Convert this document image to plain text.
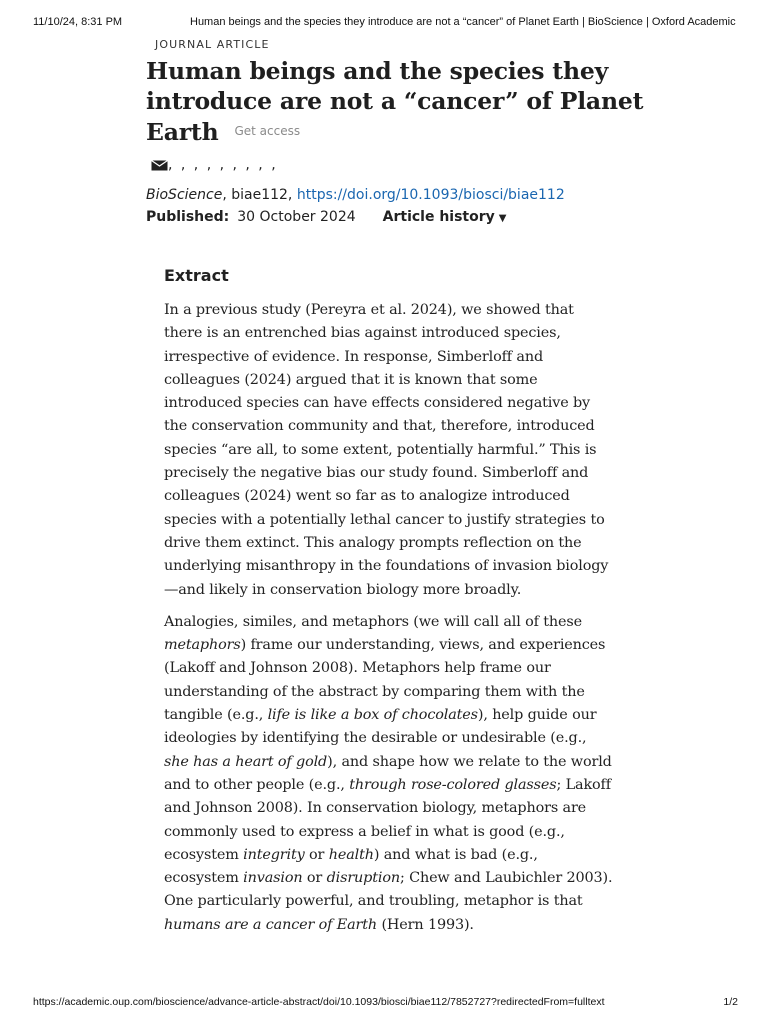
11/10/24, 8:31 PM	Human beings and the species they introduce are not a “cancer” of Planet Earth | BioScience | Oxford Academic
JOURNAL ARTICLE
Human beings and the species they introduce are not a “cancer” of Planet Earth $^{Get access}$
, , , , , , , , ,
BioScience, biae112, https://doi.org/10.1093/biosci/biae112
Published: 30 October 2024 Article history ▼
Extract

In a previous study (Pereyra et al. 2024), we showed that there is an entrenched bias against introduced species, irrespective of evidence. In response, Simberloff and colleagues (2024) argued that it is known that some introduced species can have effects considered negative by the conservation community and that, therefore, introduced species “are all, to some extent, potentially harmful.” This is precisely the negative bias our study found. Simberloff and colleagues (2024) went so far as to analogize introduced species with a potentially lethal cancer to justify strategies to drive them extinct. This analogy prompts reflection on the underlying misanthropy in the foundations of invasion biology—and likely in conservation biology more broadly.

Analogies, similes, and metaphors (we will call all of these metaphors) frame our understanding, views, and experiences (Lakoff and Johnson 2008). Metaphors help frame our understanding of the abstract by comparing them with the tangible (e.g., life is like a box of chocolates), help guide our ideologies by identifying the desirable or undesirable (e.g., she has a heart of gold), and shape how we relate to the world and to other people (e.g., through rose-colored glasses; Lakoff and Johnson 2008). In conservation biology, metaphors are commonly used to express a belief in what is good (e.g., ecosystem integrity or health) and what is bad (e.g., ecosystem invasion or disruption; Chew and Laubichler 2003). One particularly powerful, and troubling, metaphor is that humans are a cancer of Earth (Hern 1993).

https://academic.oup.com/bioscience/advance-article-abstract/doi/10.1093/biosci/biae112/7852727?redirectedFrom=fulltext	1/2
